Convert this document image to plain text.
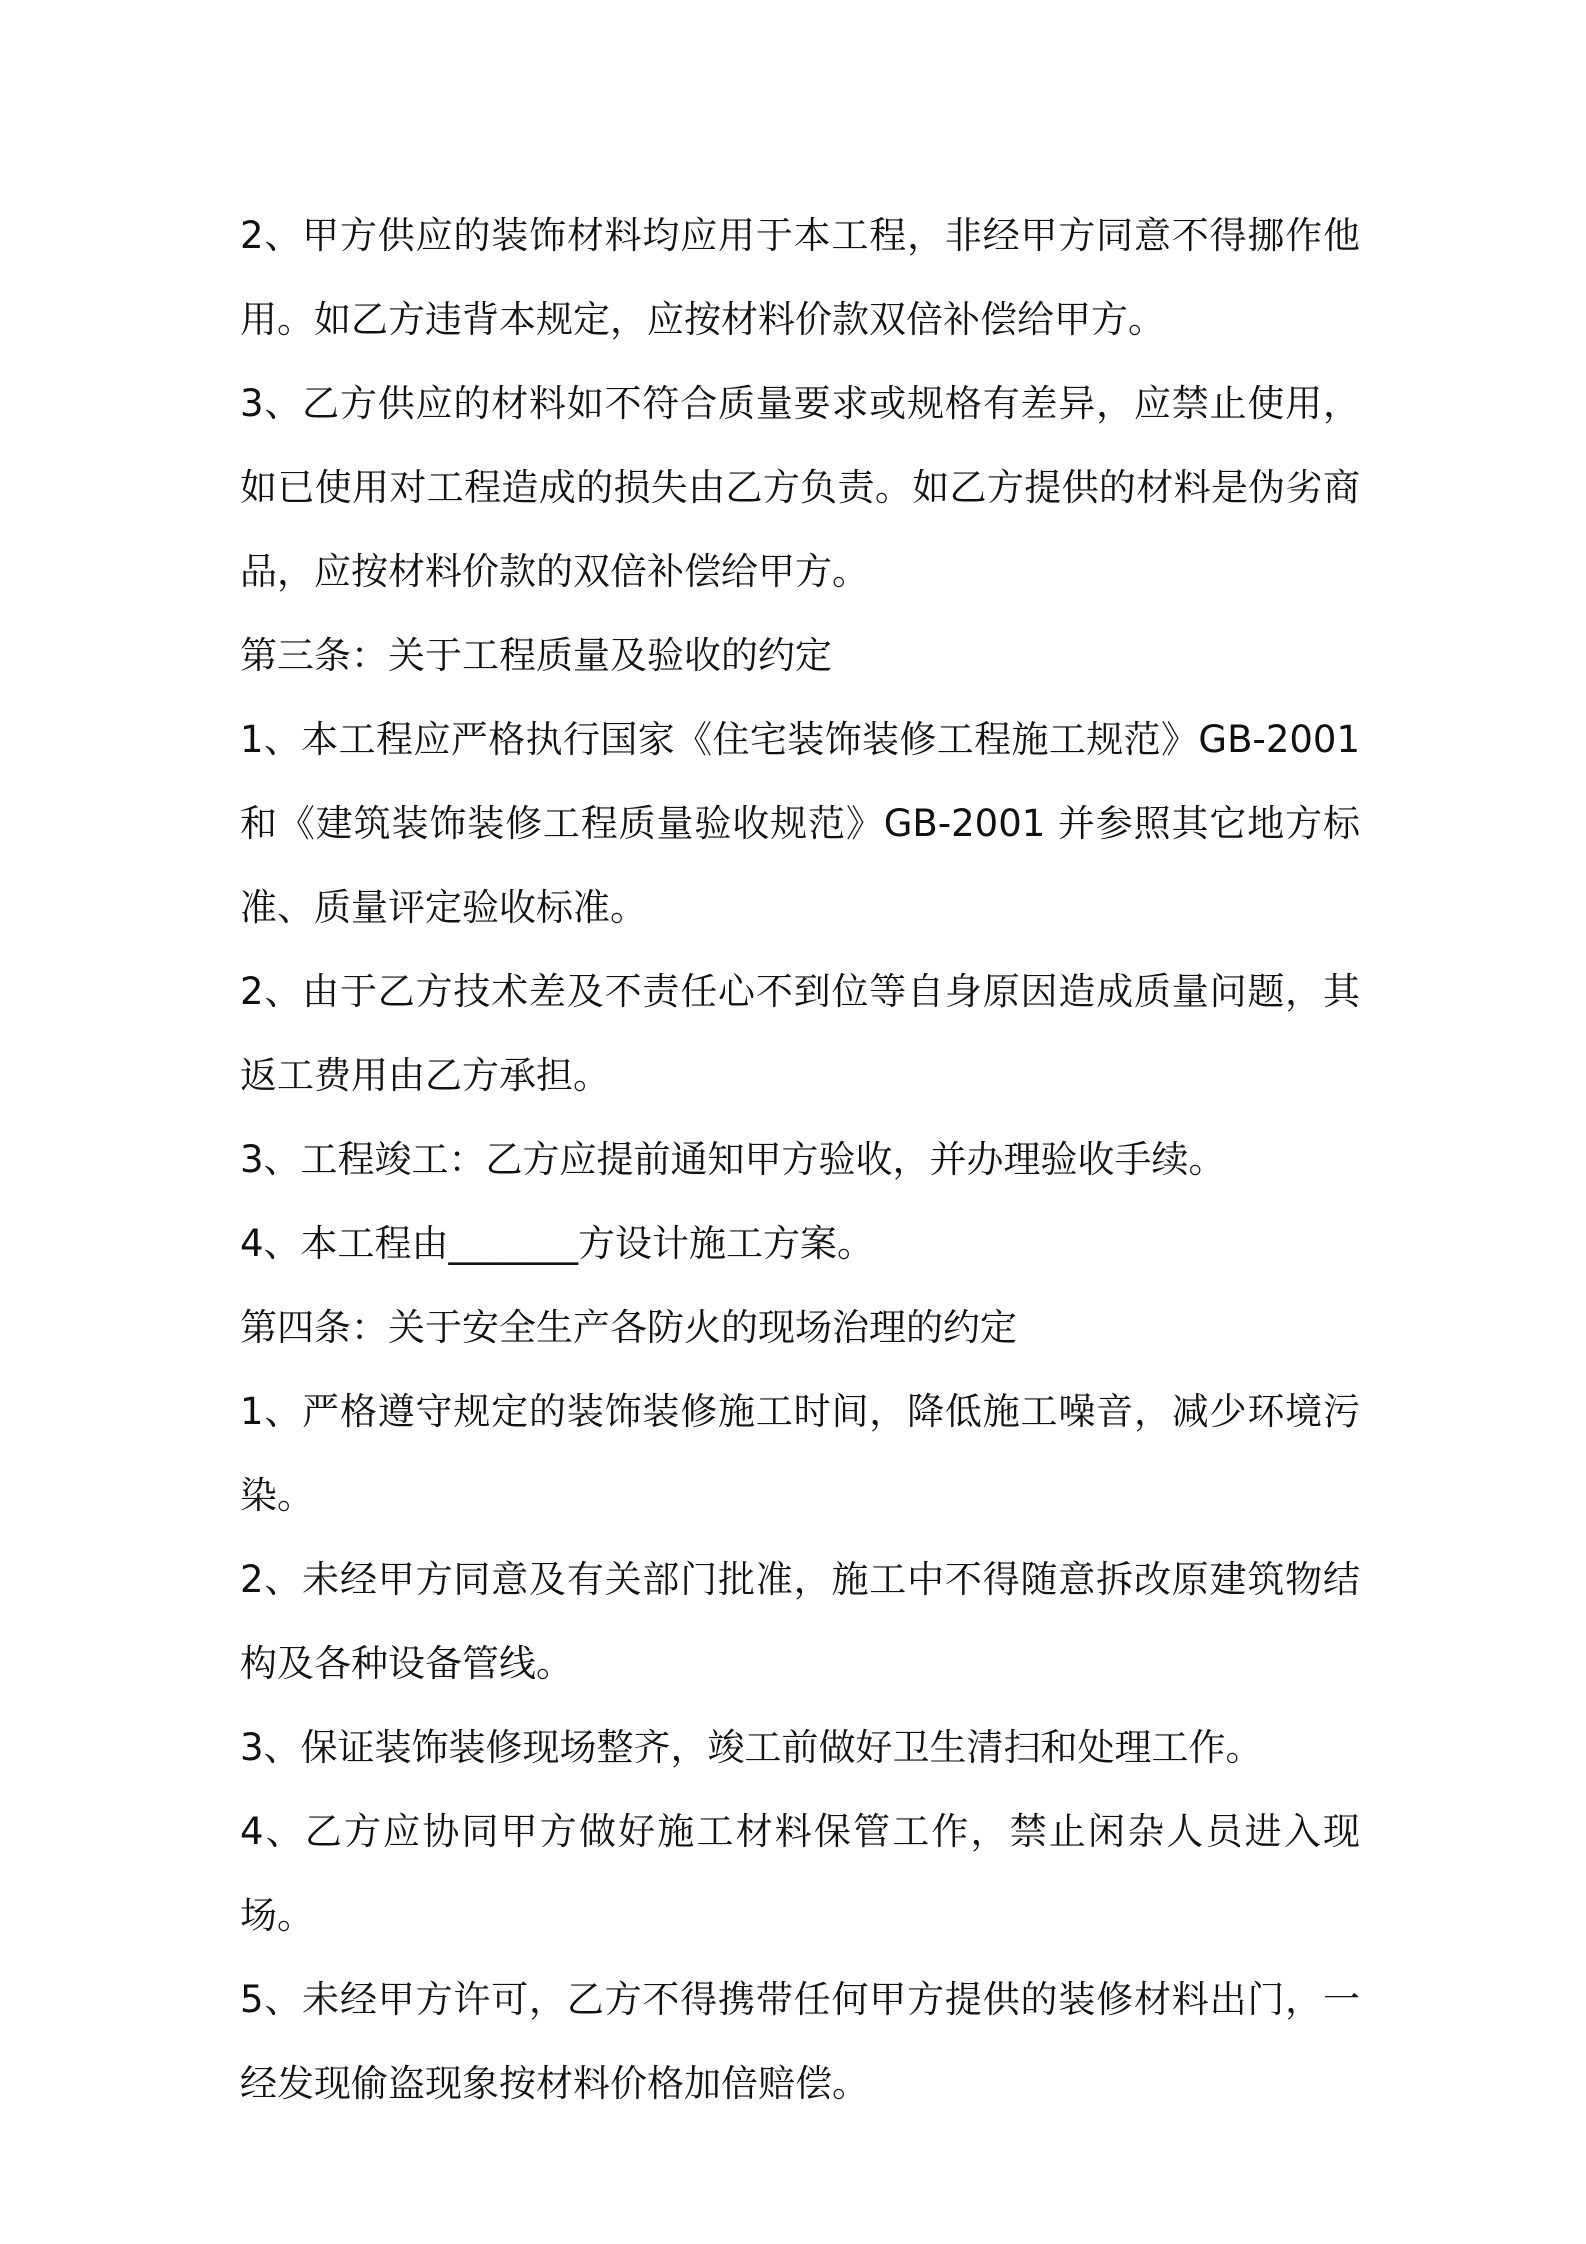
2、甲方供应的装饰材料均应用于本工程，非经甲方同意不得挪作他用。如乙方违背本规定，应按材料价款双倍补偿给甲方。

3、乙方供应的材料如不符合质量要求或规格有差异，应禁止使用，如已使用对工程造成的损失由乙方负责。如乙方提供的材料是伪劣商品，应按材料价款的双倍补偿给甲方。

第三条：关于工程质量及验收的约定

1、本工程应严格执行国家《住宅装饰装修工程施工规范》GB-2001和《建筑装饰装修工程质量验收规范》GB-2001 并参照其它地方标准、质量评定验收标准。

2、由于乙方技术差及不责任心不到位等自身原因造成质量问题，其返工费用由乙方承担。

3、工程竣工：乙方应提前通知甲方验收，并办理验收手续。

4、本工程由_______方设计施工方案。

第四条：关于安全生产各防火的现场治理的约定

1、严格遵守规定的装饰装修施工时间，降低施工噪音，减少环境污染。

2、未经甲方同意及有关部门批准，施工中不得随意拆改原建筑物结构及各种设备管线。

3、保证装饰装修现场整齐，竣工前做好卫生清扫和处理工作。

4、乙方应协同甲方做好施工材料保管工作，禁止闲杂人员进入现场。

5、未经甲方许可，乙方不得携带任何甲方提供的装修材料出门，一经发现偷盗现象按材料价格加倍赔偿。
